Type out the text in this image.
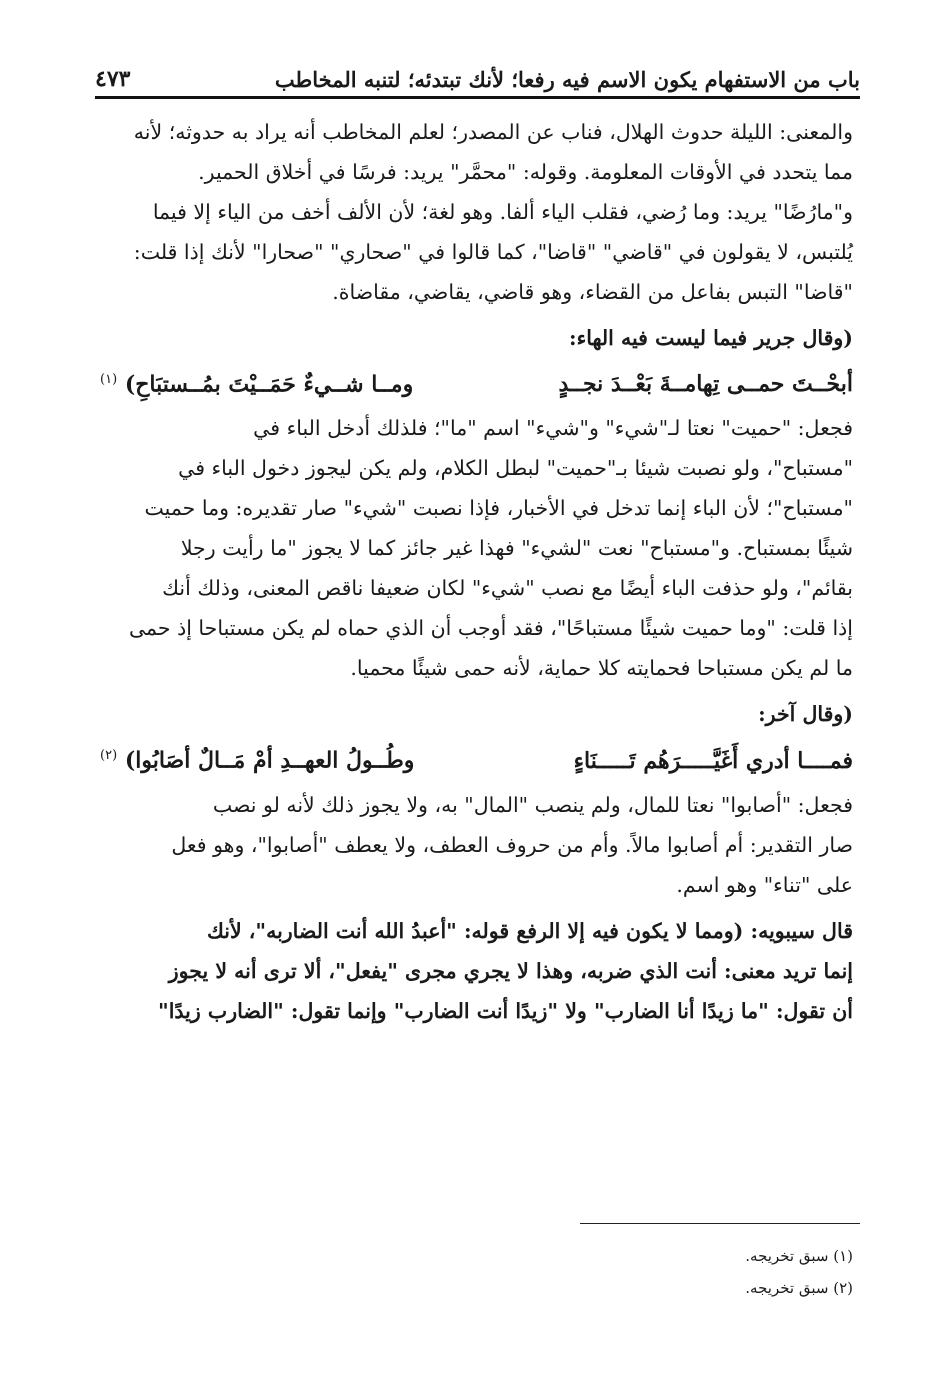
باب من الاستفهام يكون الاسم فيه رفعا؛ لأنك تبتدئه؛ لتنبه المخاطب
٤٧٣
والمعنى: الليلة حدوث الهلال، فناب عن المصدر؛ لعلم المخاطب أنه يراد به حدوثه؛ لأنه
مما يتحدد في الأوقات المعلومة. وقوله: "محمَّر" يريد: فرسًا في أخلاق الحمير.
و"مارُضًا" يريد: وما رُضي، فقلب الياء ألفا. وهو لغة؛ لأن الألف أخف من الياء إلا فيما
يُلتبس، لا يقولون في "قاضي" "قاضا"، كما قالوا في "صحاري" "صحارا" لأنك إذا قلت:
"قاضا" التبس بفاعل من القضاء، وهو قاضي، يقاضي، مقاضاة.
(وقال جرير فيما ليست فيه الهاء:
أبحْــتَ حمــى تِهامــةَ بَعْــدَ نجــدٍ
ومــا شــيءٌ حَمَــيْتَ بمُــستبَاحِ) $^{(١)}$
فجعل: "حميت" نعتا لـ"شيء" و"شيء" اسم "ما"؛ فلذلك أدخل الباء في
"مستباح"، ولو نصبت شيئا بـ"حميت" لبطل الكلام، ولم يكن ليجوز دخول الباء في
"مستباح"؛ لأن الباء إنما تدخل في الأخبار، فإذا نصبت "شيء" صار تقديره: وما حميت
شيئًا بمستباح. و"مستباح" نعت "لشيء" فهذا غير جائز كما لا يجوز "ما رأيت رجلا
بقائم"، ولو حذفت الباء أيضًا مع نصب "شيء" لكان ضعيفا ناقص المعنى، وذلك أنك
إذا قلت: "وما حميت شيئًا مستباحًا"، فقد أوجب أن الذي حماه لم يكن مستباحا إذ حمى
ما لم يكن مستباحا فحمايته كلا حماية، لأنه حمى شيئًا محميا.
(وقال آخر:
فمــــا أدري أَغَيَّـــــرَهُم تَـــــنَاءٍ
وطُــولُ العهــدِ أمْ مَــالٌ أصَابُوا) $^{(٢)}$
فجعل: "أصابوا" نعتا للمال، ولم ينصب "المال" به، ولا يجوز ذلك لأنه لو نصب
صار التقدير: أم أصابوا مالاً. وأم من حروف العطف، ولا يعطف "أصابوا"، وهو فعل
على "تناء" وهو اسم.
قال سيبويه: (ومما لا يكون فيه إلا الرفع قوله: "أعبدُ الله أنت الضاربه"، لأنك
إنما تريد معنى: أنت الذي ضربه، وهذا لا يجري مجرى "يفعل"، ألا ترى أنه لا يجوز
أن تقول: "ما زيدًا أنا الضارب" ولا "زيدًا أنت الضارب" وإنما تقول: "الضارب زيدًا"
(١) سبق تخريجه.
(٢) سبق تخريجه.
